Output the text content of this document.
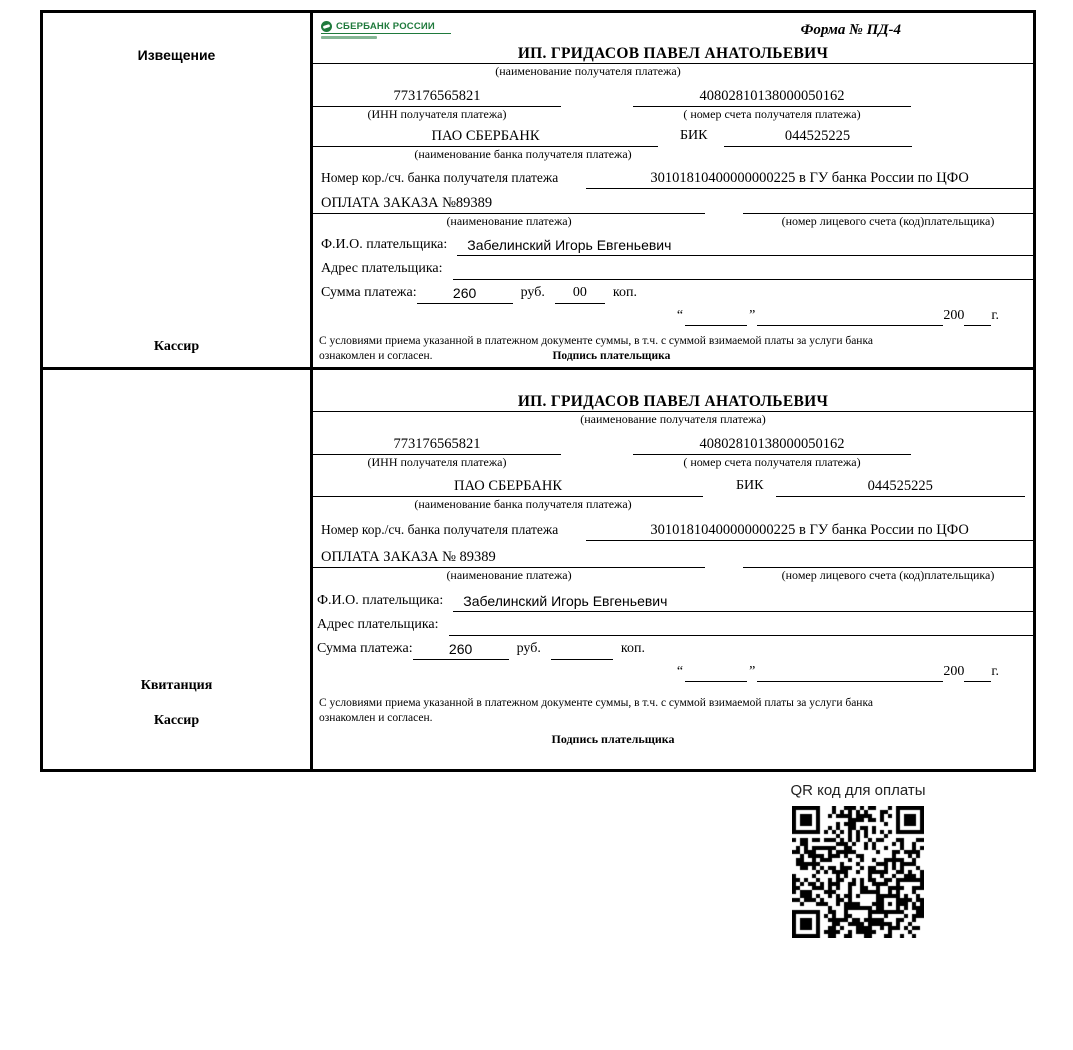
Извещение
Кассир
СБЕРБАНК РОССИИ	Форма № ПД-4
ИП. ГРИДАСОВ ПАВЕЛ АНАТОЛЬЕВИЧ
(наименование получателя платежа)
773176565821	40802810138000050162
(ИНН получателя платежа)	( номер счета получателя платежа)
ПАО СБЕРБАНК	БИК	044525225
(наименование банка получателя платежа)
Номер кор./сч. банка получателя платежа	30101810400000000225 в ГУ банка России по ЦФО
ОПЛАТА ЗАКАЗА №89389
(наименование платежа)	(номер лицевого счета (код)плательщика)
Ф.И.О. плательщика:	Забелинский Игорь Евгеньевич
Адрес плательщика:
Сумма платежа:	260	руб.	00	коп.
“	”	200 г.
С условиями приема указанной в платежном документе суммы, в т.ч. с суммой взимаемой платы за услуги банка
ознакомлен и согласен.	Подпись плательщика
Квитанция
Кассир
ИП. ГРИДАСОВ ПАВЕЛ АНАТОЛЬЕВИЧ
(наименование получателя платежа)
773176565821	40802810138000050162
(ИНН получателя платежа)	( номер счета получателя платежа)
ПАО СБЕРБАНК	БИК	044525225
(наименование банка получателя платежа)
Номер кор./сч. банка получателя платежа	30101810400000000225 в ГУ банка России по ЦФО
ОПЛАТА ЗАКАЗА № 89389
(наименование платежа)	(номер лицевого счета (код)плательщика)
Ф.И.О. плательщика:	Забелинский Игорь Евгеньевич
Адрес плательщика:
Сумма платежа:	260	руб.	коп.
“	”	200 г.
С условиями приема указанной в платежном документе суммы, в т.ч. с суммой взимаемой платы за услуги банка
ознакомлен и согласен.
Подпись плательщика
QR код для оплаты
